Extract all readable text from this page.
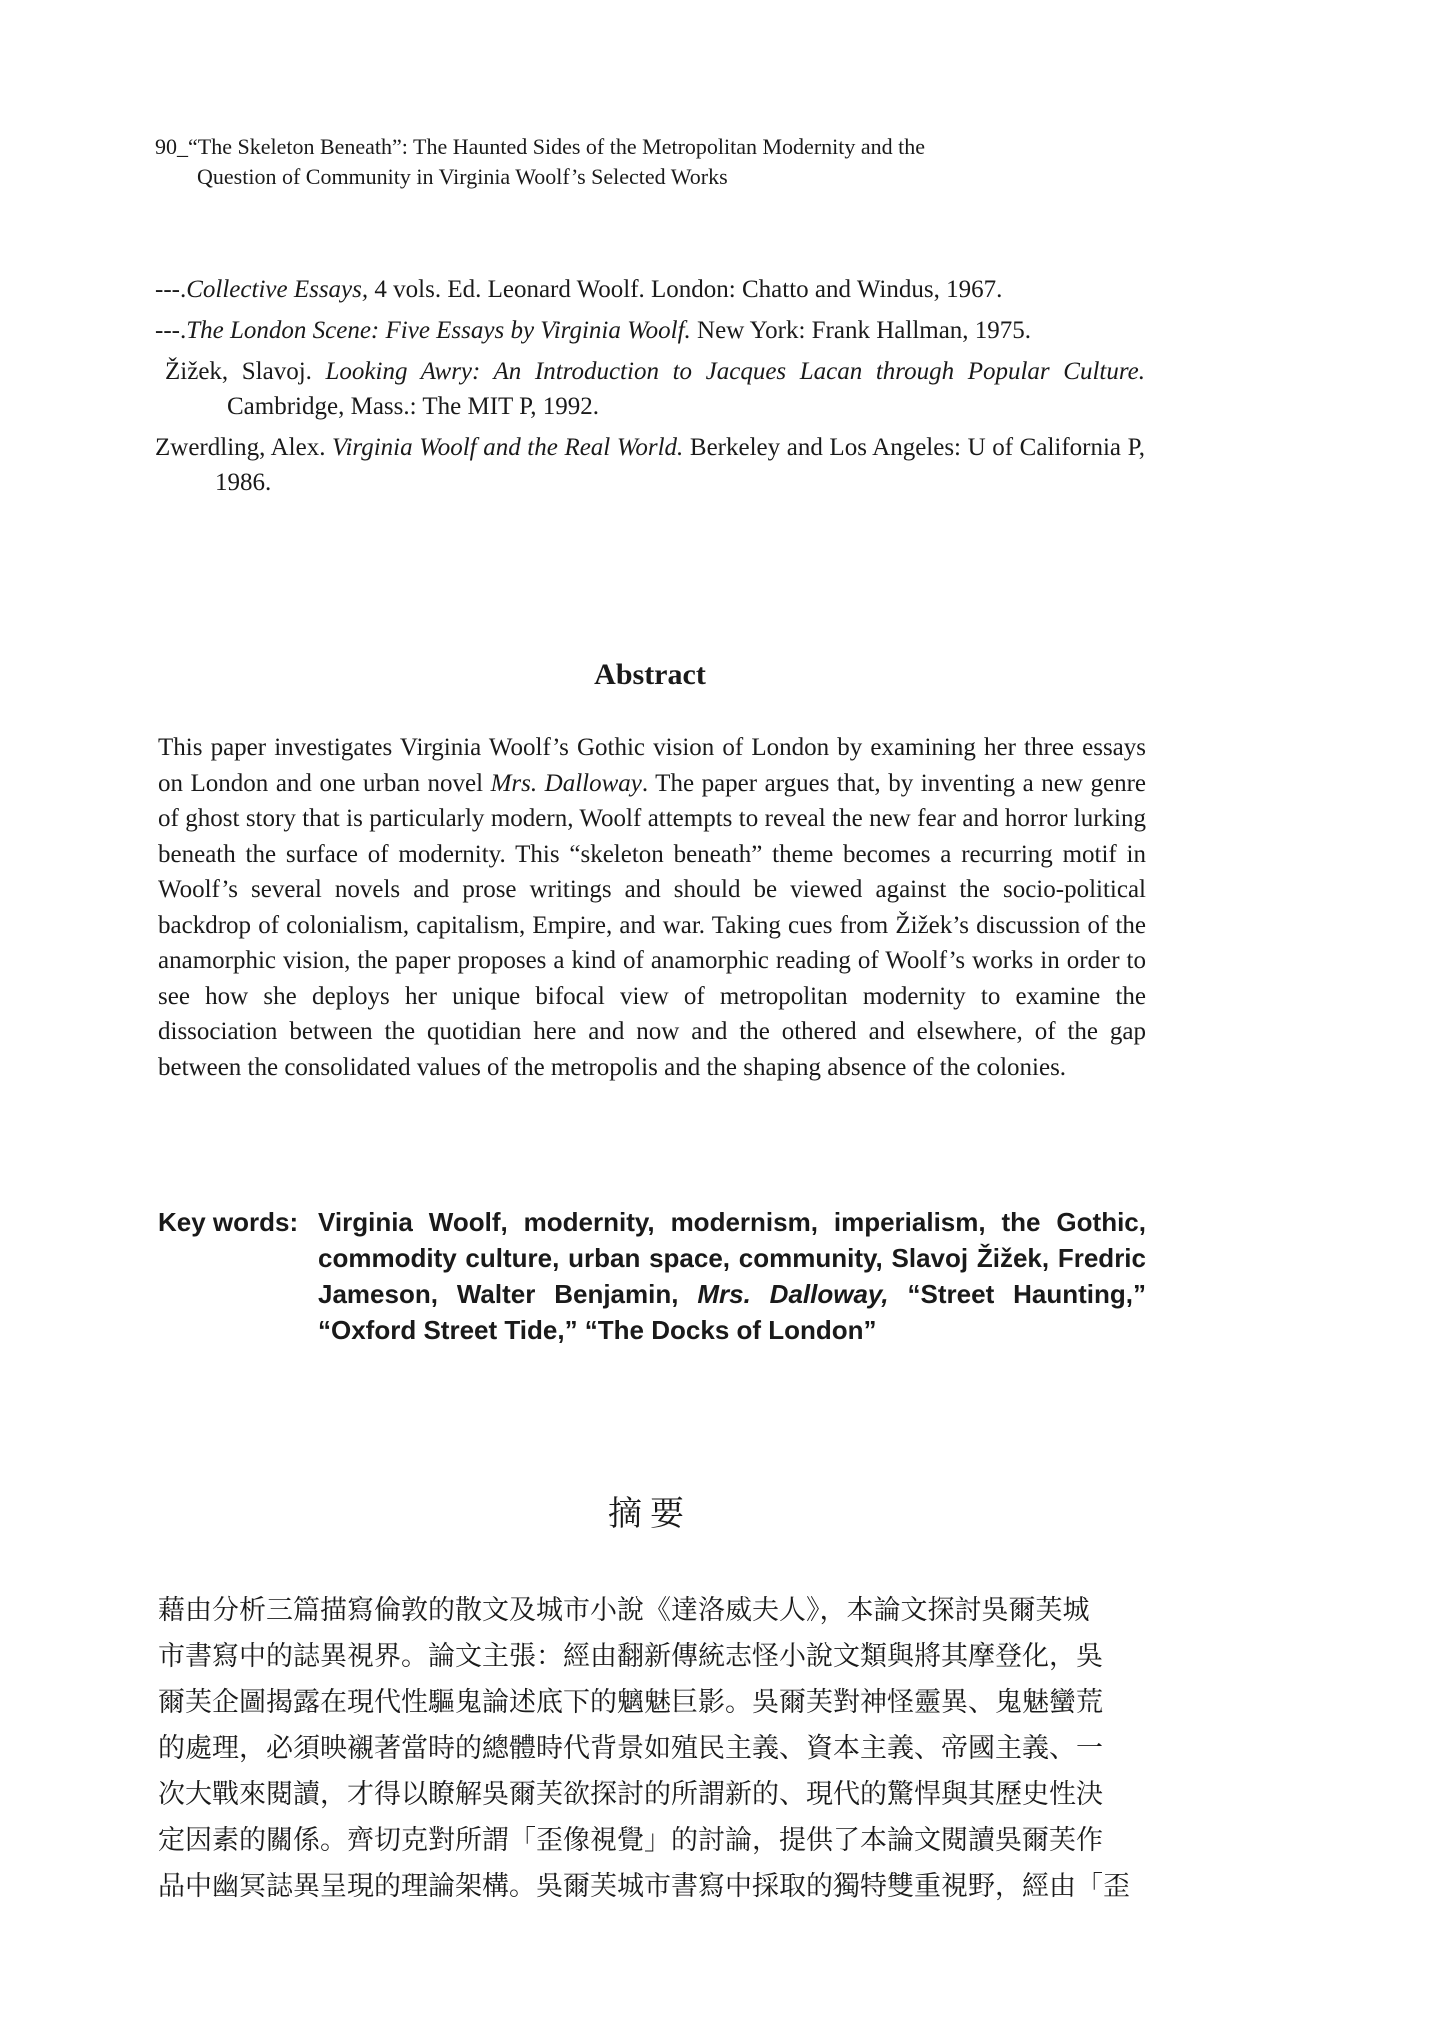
90_“The Skeleton Beneath”: The Haunted Sides of the Metropolitan Modernity and the
Question of Community in Virginia Woolf’s Selected Works
---.Collective Essays, 4 vols. Ed. Leonard Woolf. London: Chatto and Windus, 1967.
---.The London Scene: Five Essays by Virginia Woolf. New York: Frank Hallman, 1975.
Žižek, Slavoj. Looking Awry: An Introduction to Jacques Lacan through Popular Culture. Cambridge, Mass.: The MIT P, 1992.
Zwerdling, Alex. Virginia Woolf and the Real World. Berkeley and Los Angeles: U of California P, 1986.
Abstract
This paper investigates Virginia Woolf’s Gothic vision of London by examining her three essays on London and one urban novel Mrs. Dalloway. The paper argues that, by inventing a new genre of ghost story that is particularly modern, Woolf attempts to reveal the new fear and horror lurking beneath the surface of modernity. This “skeleton beneath” theme becomes a recurring motif in Woolf’s several novels and prose writings and should be viewed against the socio-political backdrop of colonialism, capitalism, Empire, and war. Taking cues from Žižek’s discussion of the anamorphic vision, the paper proposes a kind of anamorphic reading of Woolf’s works in order to see how she deploys her unique bifocal view of metropolitan modernity to examine the dissociation between the quotidian here and now and the othered and elsewhere, of the gap between the consolidated values of the metropolis and the shaping absence of the colonies.
Key words: Virginia Woolf, modernity, modernism, imperialism, the Gothic, commodity culture, urban space, community, Slavoj Žižek, Fredric Jameson, Walter Benjamin, Mrs. Dalloway, “Street Haunting,” “Oxford Street Tide,” “The Docks of London”
摘要
藉由分析三篇描寫倫敦的散文及城市小說《達洛威夫人》，本論文探討吳爾芙城
市書寫中的誌異視界。論文主張：經由翻新傳統志怪小說文類與將其摩登化，吳
爾芙企圖揭露在現代性驅鬼論述底下的魑魅巨影。吳爾芙對神怪靈異、鬼魅蠻荒
的處理，必須映襯著當時的總體時代背景如殖民主義、資本主義、帝國主義、一
次大戰來閱讀，才得以瞭解吳爾芙欲探討的所謂新的、現代的驚悍與其歷史性決
定因素的關係。齊切克對所謂「歪像視覺」的討論，提供了本論文閱讀吳爾芙作
品中幽冥誌異呈現的理論架構。吳爾芙城市書寫中採取的獨特雙重視野，經由「歪
